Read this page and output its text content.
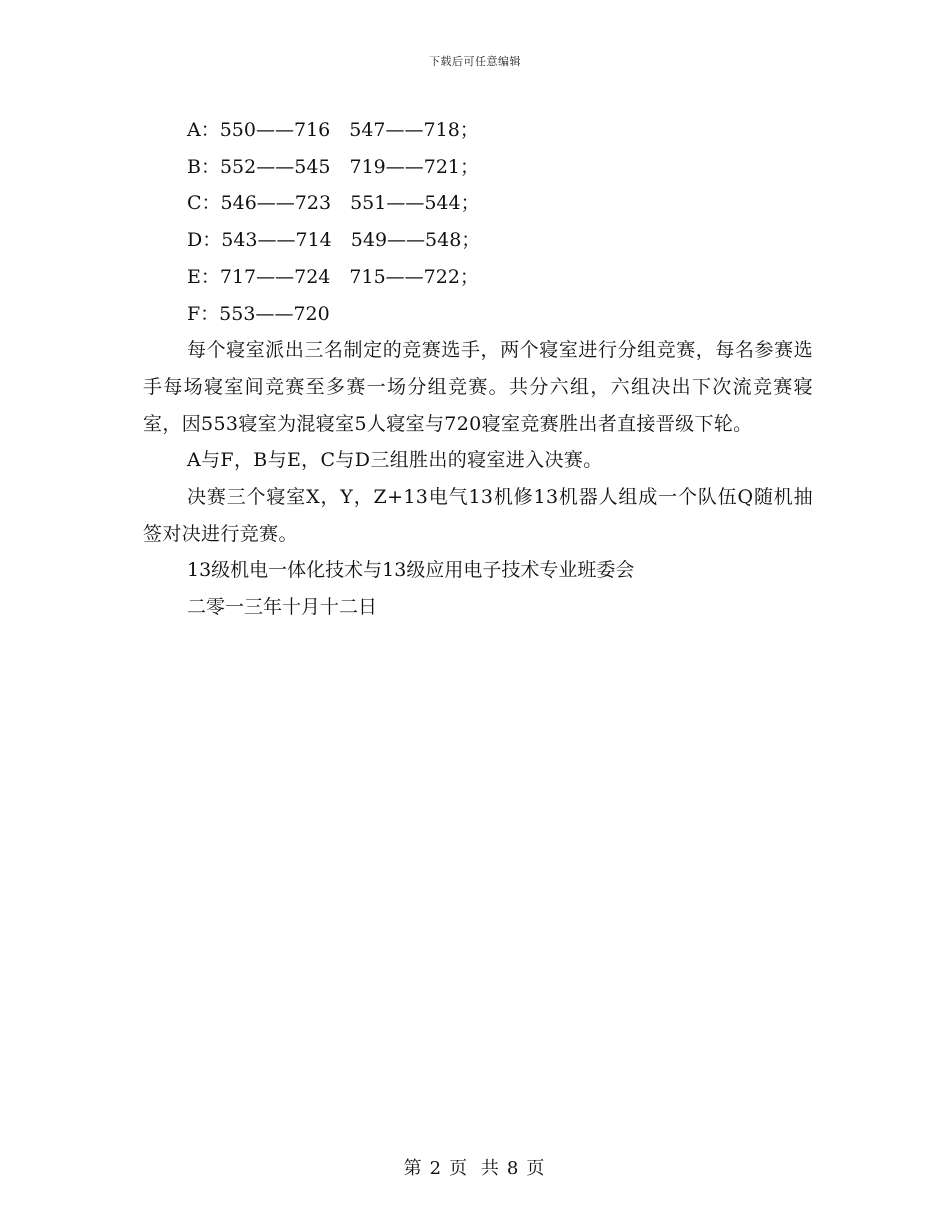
下载后可任意编辑

A：550——716　547——718；

B：552——545　719——721；

C：546——723　551——544；

D：543——714　549——548；

E：717——724　715——722；

F：553——720

每个寝室派出三名制定的竞赛选手，两个寝室进行分组竞赛，每名参赛选手每场寝室间竞赛至多赛一场分组竞赛。共分六组，六组决出下次流竞赛寝室，因553寝室为混寝室5人寝室与720寝室竞赛胜出者直接晋级下轮。

A与F，B与E，C与D三组胜出的寝室进入决赛。

决赛三个寝室X，Y，Z+13电气13机修13机器人组成一个队伍Q随机抽签对决进行竞赛。

13级机电一体化技术与13级应用电子技术专业班委会

二零一三年十月十二日

第 2 页 共 8 页
